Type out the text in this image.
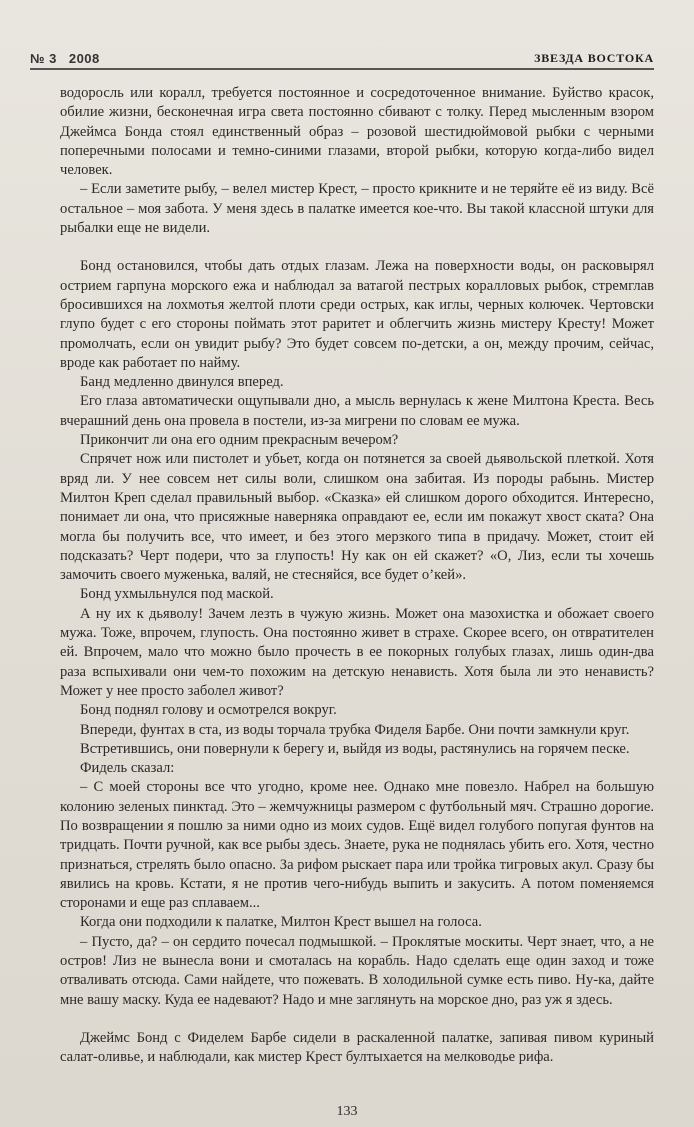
№ 3 2008	ЗВЕЗДА ВОСТОКА

водоросль или коралл, требуется постоянное и сосредоточенное внимание. Буйство красок, обилие жизни, бесконечная игра света постоянно сбивают с толку. Перед мысленным взором Джеймса Бонда стоял единственный образ – розовой шестидюймовой рыбки с черными поперечными полосами и темно-синими глазами, второй рыбки, которую когда-либо видел человек.

– Если заметите рыбу, – велел мистер Крест, – просто крикните и не теряйте её из виду. Всё остальное – моя забота. У меня здесь в палатке имеется кое-что. Вы такой классной штуки для рыбалки еще не видели.

Бонд остановился, чтобы дать отдых глазам. Лежа на поверхности воды, он расковырял острием гарпуна морского ежа и наблюдал за ватагой пестрых коралловых рыбок, стремглав бросившихся на лохмотья желтой плоти среди острых, как иглы, черных колючек. Чертовски глупо будет с его стороны поймать этот раритет и облегчить жизнь мистеру Кресту! Может промолчать, если он увидит рыбу? Это будет совсем по-детски, а он, между прочим, сейчас, вроде как работает по найму.

Банд медленно двинулся вперед.

Его глаза автоматически ощупывали дно, а мысль вернулась к жене Милтона Креста. Весь вчерашний день она провела в постели, из-за мигрени по словам ее мужа.

Прикончит ли она его одним прекрасным вечером?

Спрячет нож или пистолет и убьет, когда он потянется за своей дьявольской плеткой. Хотя вряд ли. У нее совсем нет силы воли, слишком она забитая. Из породы рабынь. Мистер Милтон Креп сделал правильный выбор. «Сказка» ей слишком дорого обходится. Интересно, понимает ли она, что присяжные наверняка оправдают ее, если им покажут хвост ската? Она могла бы получить все, что имеет, и без этого мерзкого типа в придачу. Может, стоит ей подсказать? Черт подери, что за глупость! Ну как он ей скажет? «О, Лиз, если ты хочешь замочить своего муженька, валяй, не стесняйся, все будет о’кей».

Бонд ухмыльнулся под маской.

А ну их к дьяволу! Зачем лезть в чужую жизнь. Может она мазохистка и обожает своего мужа. Тоже, впрочем, глупость. Она постоянно живет в страхе. Скорее всего, он отвратителен ей. Впрочем, мало что можно было прочесть в ее покорных голубых глазах, лишь один-два раза вспыхивали они чем-то похожим на детскую ненависть. Хотя была ли это ненависть? Может у нее просто заболел живот?

Бонд поднял голову и осмотрелся вокруг.

Впереди, фунтах в ста, из воды торчала трубка Фиделя Барбе. Они почти замкнули круг.

Встретившись, они повернули к берегу и, выйдя из воды, растянулись на горячем песке.

Фидель сказал:

– С моей стороны все что угодно, кроме нее. Однако мне повезло. Набрел на большую колонию зеленых пинктад. Это – жемчужницы размером с футбольный мяч. Страшно дорогие. По возвращении я пошлю за ними одно из моих судов. Ещё видел голубого попугая фунтов на тридцать. Почти ручной, как все рыбы здесь. Знаете, рука не поднялась убить его. Хотя, честно признаться, стрелять было опасно. За рифом рыскает пара или тройка тигровых акул. Сразу бы явились на кровь. Кстати, я не против чего-нибудь выпить и закусить. А потом поменяемся сторонами и еще раз сплаваем...

Когда они подходили к палатке, Милтон Крест вышел на голоса.

– Пусто, да? – он сердито почесал подмышкой. – Проклятые москиты. Черт знает, что, а не остров! Лиз не вынесла вони и смоталась на корабль. Надо сделать еще один заход и тоже отваливать отсюда. Сами найдете, что пожевать. В холодильной сумке есть пиво. Ну-ка, дайте мне вашу маску. Куда ее надевают? Надо и мне заглянуть на морское дно, раз уж я здесь.

Джеймс Бонд с Фиделем Барбе сидели в раскаленной палатке, запивая пивом куриный салат-оливье, и наблюдали, как мистер Крест бултыхается на мелководье рифа.

133
